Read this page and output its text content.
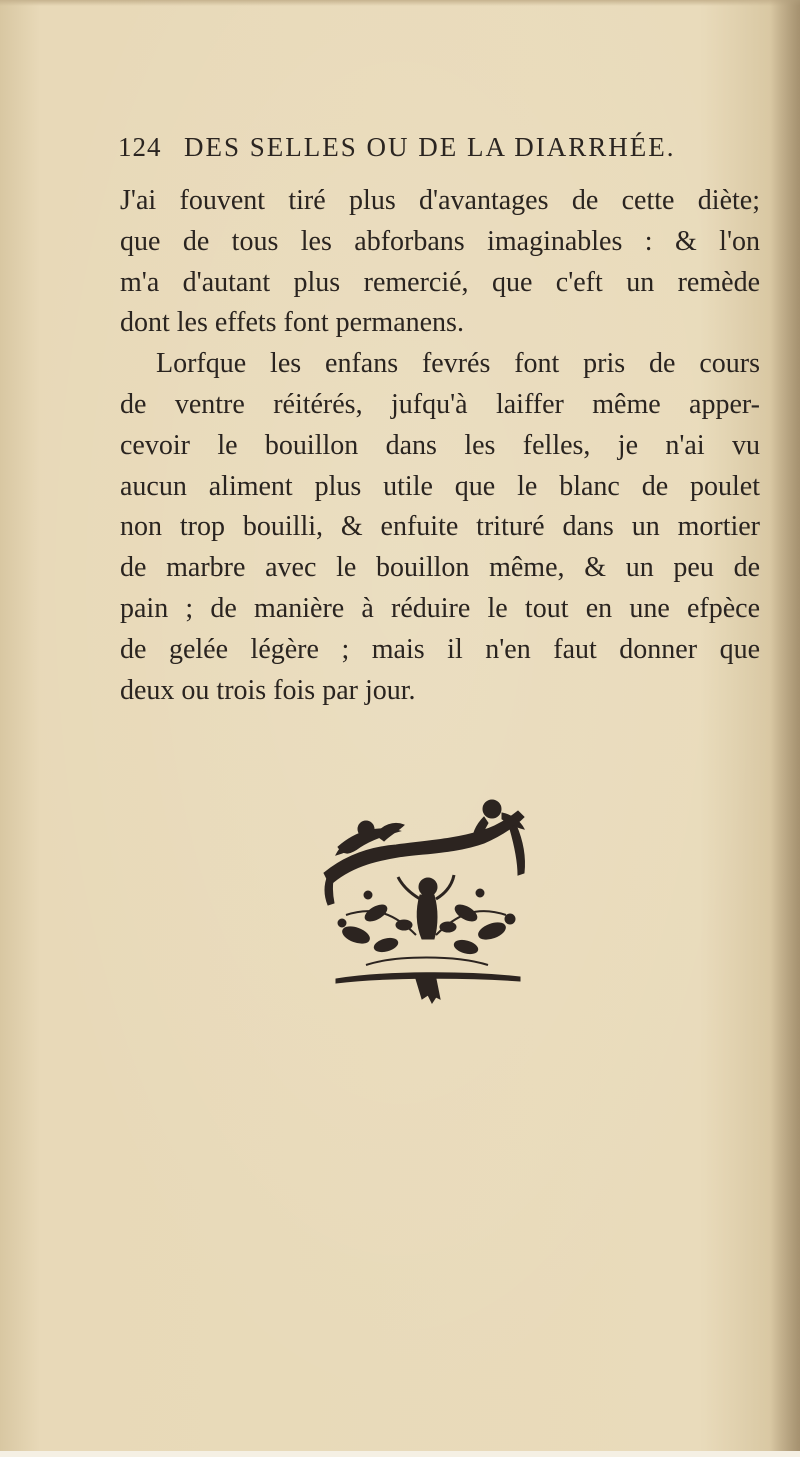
124 DES SELLES OU DE LA DIARRHÉE.
J'ai fouvent tiré plus d'avantages de cette diète;
que de tous les abforbans imaginables : & l'on
m'a d'autant plus remercié, que c'eft un remède
dont les effets font permanens.
Lorfque les enfans fevrés font pris de cours
de ventre réitérés, jufqu'à laiffer même apper-
cevoir le bouillon dans les felles, je n'ai vu
aucun aliment plus utile que le blanc de poulet
non trop bouilli, & enfuite trituré dans un mortier
de marbre avec le bouillon même, & un peu de
pain ; de manière à réduire le tout en une efpèce
de gelée légère ; mais il n'en faut donner que
deux ou trois fois par jour.
